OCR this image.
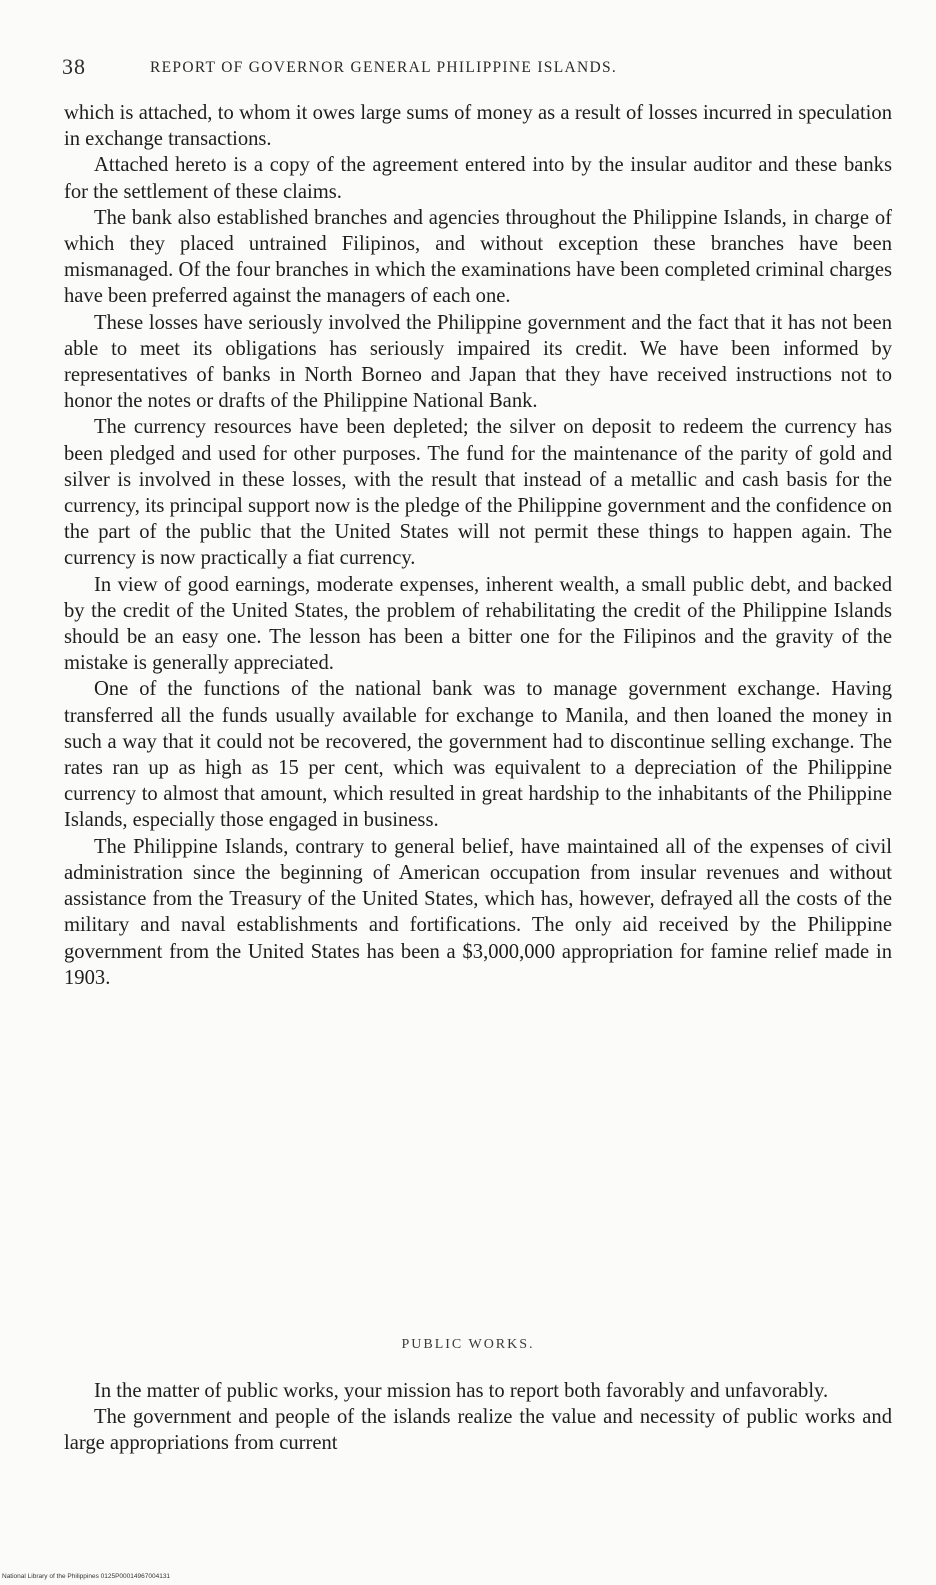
38	REPORT OF GOVERNOR GENERAL PHILIPPINE ISLANDS.

which is attached, to whom it owes large sums of money as a result of losses incurred in speculation in exchange transactions.

Attached hereto is a copy of the agreement entered into by the insular auditor and these banks for the settlement of these claims.

The bank also established branches and agencies throughout the Philippine Islands, in charge of which they placed untrained Filipinos, and without exception these branches have been mismanaged. Of the four branches in which the examinations have been completed criminal charges have been preferred against the managers of each one.

These losses have seriously involved the Philippine government and the fact that it has not been able to meet its obligations has seriously impaired its credit. We have been informed by representatives of banks in North Borneo and Japan that they have received instructions not to honor the notes or drafts of the Philippine National Bank.

The currency resources have been depleted; the silver on deposit to redeem the currency has been pledged and used for other purposes. The fund for the maintenance of the parity of gold and silver is involved in these losses, with the result that instead of a metallic and cash basis for the currency, its principal support now is the pledge of the Philippine government and the confidence on the part of the public that the United States will not permit these things to happen again. The currency is now practically a fiat currency.

In view of good earnings, moderate expenses, inherent wealth, a small public debt, and backed by the credit of the United States, the problem of rehabilitating the credit of the Philippine Islands should be an easy one. The lesson has been a bitter one for the Filipinos and the gravity of the mistake is generally appreciated.

One of the functions of the national bank was to manage government exchange. Having transferred all the funds usually available for exchange to Manila, and then loaned the money in such a way that it could not be recovered, the government had to discontinue selling exchange. The rates ran up as high as 15 per cent, which was equivalent to a depreciation of the Philippine currency to almost that amount, which resulted in great hardship to the inhabitants of the Philippine Islands, especially those engaged in business.

The Philippine Islands, contrary to general belief, have maintained all of the expenses of civil administration since the beginning of American occupation from insular revenues and without assistance from the Treasury of the United States, which has, however, defrayed all the costs of the military and naval establishments and fortifications. The only aid received by the Philippine government from the United States has been a $3,000,000 appropriation for famine relief made in 1903.

PUBLIC WORKS.

In the matter of public works, your mission has to report both favorably and unfavorably.

The government and people of the islands realize the value and necessity of public works and large appropriations from current

National Library of the Philippines 0125P00014967004131
